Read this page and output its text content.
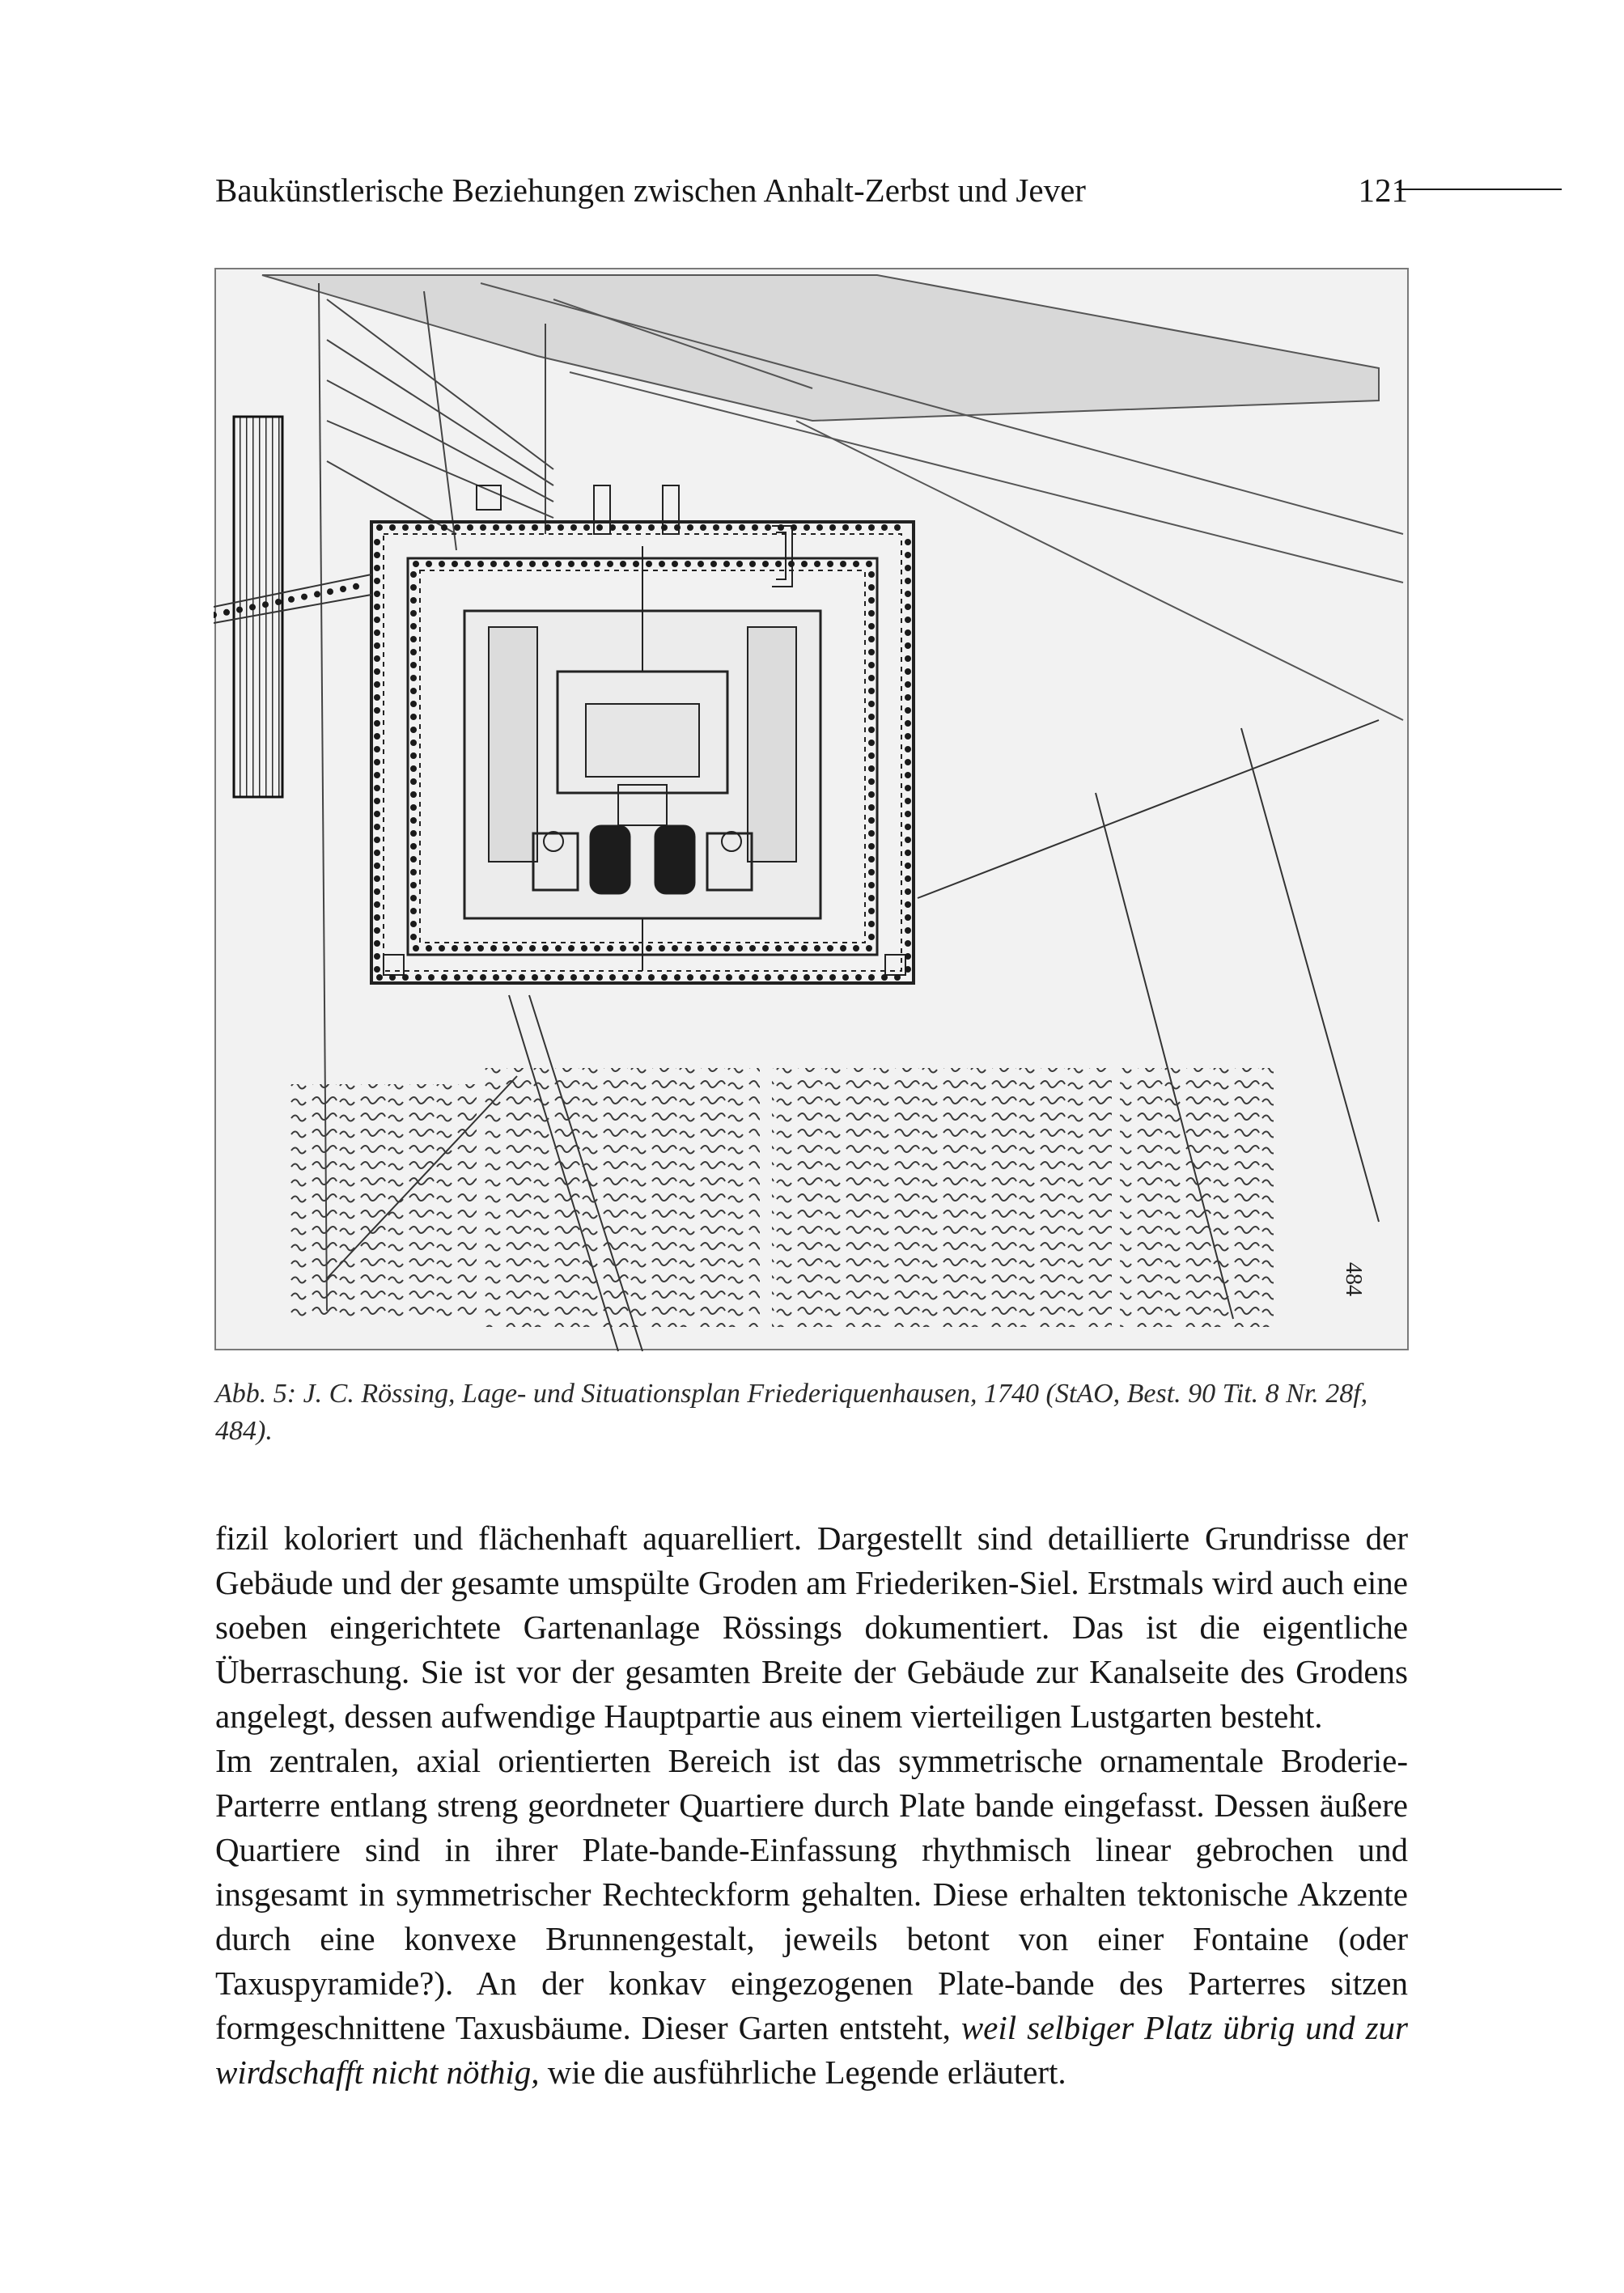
Baukünstlerische Beziehungen zwischen Anhalt-Zerbst und Jever	121
484

Abb. 5: J. C. Rössing, Lage- und Situationsplan Friederiquenhausen, 1740 (StAO, Best. 90 Tit. 8 Nr. 28f, 484).

fizil koloriert und flächenhaft aquarelliert. Dargestellt sind detaillierte Grundrisse der Gebäude und der gesamte umspülte Groden am Friederiken-Siel. Erstmals wird auch eine soeben eingerichtete Gartenanlage Rössings dokumentiert. Das ist die eigentliche Überraschung. Sie ist vor der gesamten Breite der Gebäude zur Kanalseite des Grodens angelegt, dessen aufwendige Hauptpartie aus einem vierteiligen Lustgarten besteht.

Im zentralen, axial orientierten Bereich ist das symmetrische ornamentale Broderie-Parterre entlang streng geordneter Quartiere durch Plate bande eingefasst. Dessen äußere Quartiere sind in ihrer Plate-bande-Einfassung rhythmisch linear gebrochen und insgesamt in symmetrischer Rechteckform gehalten. Diese erhalten tektonische Akzente durch eine konvexe Brunnengestalt, jeweils betont von einer Fontaine (oder Taxuspyramide?). An der konkav eingezogenen Plate-bande des Parterres sitzen formgeschnittene Taxusbäume. Dieser Garten entsteht, weil selbiger Platz übrig und zur wirdschafft nicht nöthig, wie die ausführliche Legende erläutert.
